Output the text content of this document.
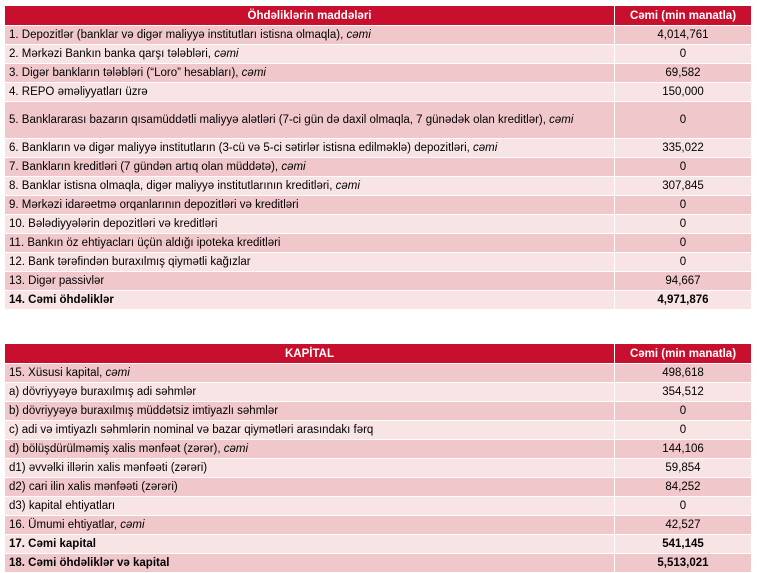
Öhdəliklərin maddələri	Cəmi (min manatla)
1. Depozitlər (banklar və digər maliyyə institutları istisna olmaqla), cəmi	4,014,761
2. Mərkəzi Bankın banka qarşı tələbləri, cəmi	0
3. Digər bankların tələbləri (“Loro” hesabları), cəmi	69,582
4. REPO əməliyyatları üzrə	150,000
5. Banklararası bazarın qısamüddətli maliyyə alətləri (7-ci gün də daxil olmaqla, 7 günədək olan kreditlər), cəmi	0
6. Bankların və digər maliyyə institutların (3-cü və 5-ci sətirlər istisna edilməklə) depozitləri, cəmi	335,022
7. Bankların kreditləri (7 gündən artıq olan müddətə), cəmi	0
8. Banklar istisna olmaqla, digər maliyyə institutlarının kreditləri, cəmi	307,845
9. Mərkəzi idarəetmə orqanlarının depozitləri və kreditləri	0
10. Bələdiyyələrin depozitləri və kreditləri	0
11. Bankın öz ehtiyacları üçün aldığı ipoteka kreditləri	0
12. Bank tərəfindən buraxılmış qiymətli kağızlar	0
13. Digər passivlər	94,667
14. Cəmi öhdəliklər	4,971,876
KAPİTAL	Cəmi (min manatla)
15. Xüsusi kapital, cəmi	498,618
a) dövriyyəyə buraxılmış adi səhmlər	354,512
b) dövriyyəyə buraxılmış müddətsiz imtiyazlı səhmlər	0
c) adi və imtiyazlı səhmlərin nominal və bazar qiymətləri arasındakı fərq	0
d) bölüşdürülməmiş xalis mənfəət (zərər), cəmi	144,106
d1) əvvəlki illərin xalis mənfəəti (zərəri)	59,854
d2) cari ilin xalis mənfəəti (zərəri)	84,252
d3) kapital ehtiyatları	0
16. Ümumi ehtiyatlar, cəmi	42,527
17. Cəmi kapital	541,145
18. Cəmi öhdəliklər və kapital	5,513,021
